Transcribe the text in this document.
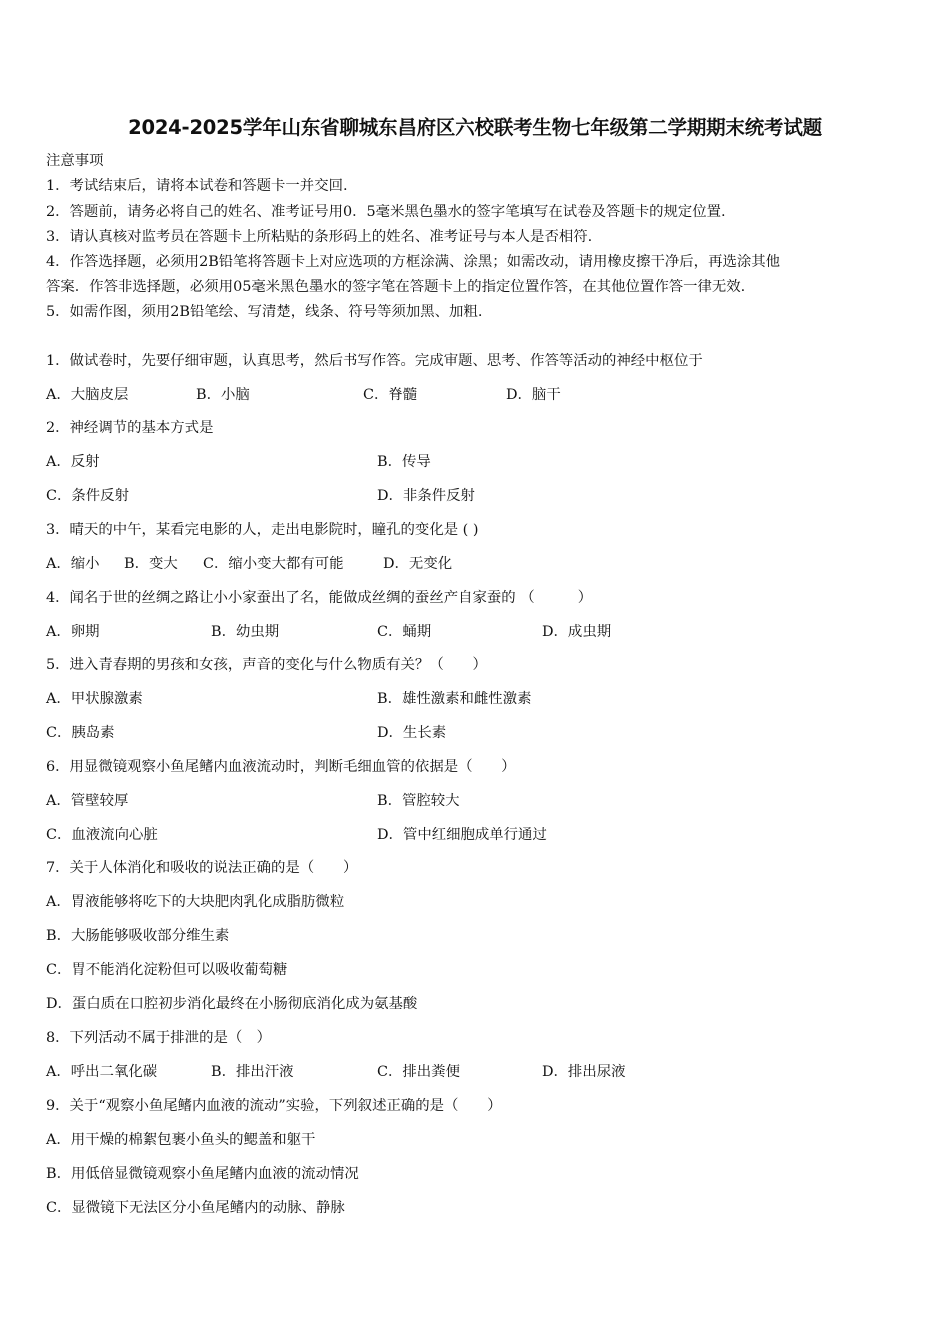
2024-2025学年山东省聊城东昌府区六校联考生物七年级第二学期期末统考试题
注意事项
1．考试结束后，请将本试卷和答题卡一并交回.
2．答题前，请务必将自己的姓名、准考证号用0．5毫米黑色墨水的签字笔填写在试卷及答题卡的规定位置.
3．请认真核对监考员在答题卡上所粘贴的条形码上的姓名、准考证号与本人是否相符.
4．作答选择题，必须用2B铅笔将答题卡上对应选项的方框涂满、涂黑；如需改动，请用橡皮擦干净后，再选涂其他
答案．作答非选择题，必须用05毫米黑色墨水的签字笔在答题卡上的指定位置作答，在其他位置作答一律无效.
5．如需作图，须用2B铅笔绘、写清楚，线条、符号等须加黑、加粗.
1．做试卷时，先要仔细审题，认真思考，然后书写作答。完成审题、思考、作答等活动的神经中枢位于
A．大脑皮层	B．小脑	C．脊髓	D．脑干
2．神经调节的基本方式是
A．反射	B．传导
C．条件反射	D．非条件反射
3．晴天的中午，某看完电影的人，走出电影院时，瞳孔的变化是 ( )
A．缩小 B．变大 C．缩小变大都有可能	D．无变化
4．闻名于世的丝绸之路让小小家蚕出了名，能做成丝绸的蚕丝产自家蚕的 （　　　）
A．卵期	B．幼虫期	C．蛹期	D．成虫期
5．进入青春期的男孩和女孩，声音的变化与什么物质有关？（　　）
A．甲状腺激素	B．雄性激素和雌性激素
C．胰岛素	D．生长素
6．用显微镜观察小鱼尾鳍内血液流动时，判断毛细血管的依据是（　　）
A．管壁较厚	B．管腔较大
C．血液流向心脏	D．管中红细胞成单行通过
7．关于人体消化和吸收的说法正确的是（　　）
A．胃液能够将吃下的大块肥肉乳化成脂肪微粒
B．大肠能够吸收部分维生素
C．胃不能消化淀粉但可以吸收葡萄糖
D．蛋白质在口腔初步消化最终在小肠彻底消化成为氨基酸
8．下列活动不属于排泄的是（　）
A．呼出二氧化碳	B．排出汗液	C．排出粪便	D．排出尿液
9．关于“观察小鱼尾鳍内血液的流动”实验，下列叙述正确的是（　　）
A．用干燥的棉絮包裹小鱼头的鳃盖和躯干
B．用低倍显微镜观察小鱼尾鳍内血液的流动情况
C．显微镜下无法区分小鱼尾鳍内的动脉、静脉
